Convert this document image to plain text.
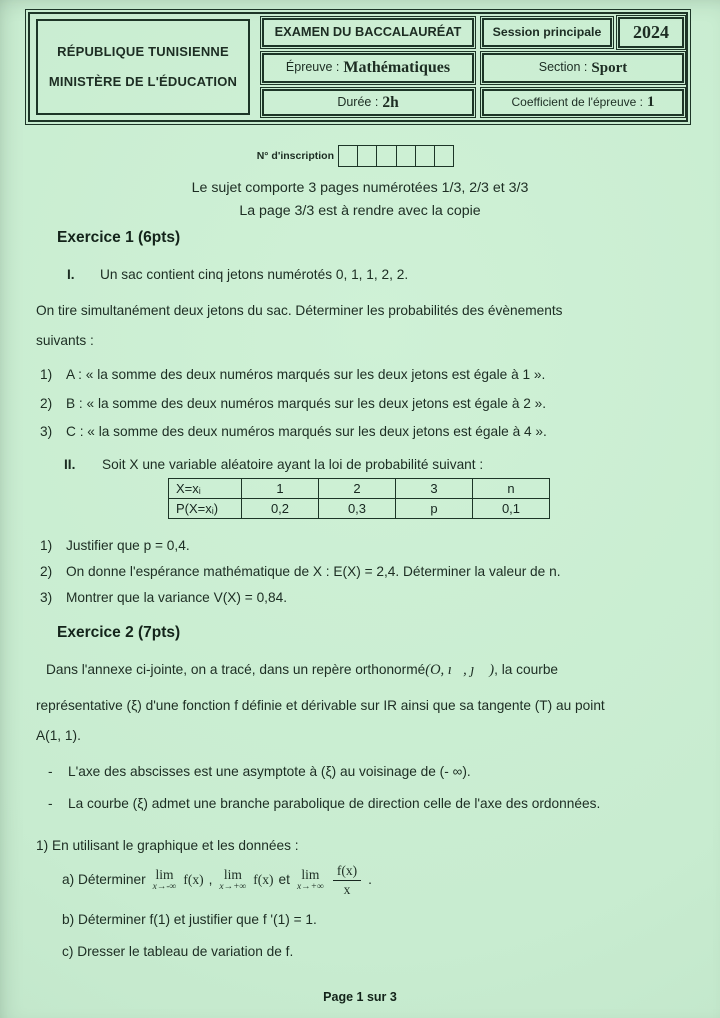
RÉPUBLIQUE TUNISIENNE
MINISTÈRE DE L'ÉDUCATION
EXAMEN DU BACCALAURÉAT	Session principale	2024
Épreuve : Mathématiques	Section : Sport
Durée : 2h	Coefficient de l'épreuve : 1
N° d'inscription
Le sujet comporte 3 pages numérotées 1/3, 2/3 et 3/3
La page 3/3 est à rendre avec la copie
Exercice 1 (6pts)
I. Un sac contient cinq jetons numérotés 0, 1, 1, 2, 2.
On tire simultanément deux jetons du sac. Déterminer les probabilités des évènements
suivants :
1) A : « la somme des deux numéros marqués sur les deux jetons est égale à 1 ».
2) B : « la somme des deux numéros marqués sur les deux jetons est égale à 2 ».
3) C : « la somme des deux numéros marqués sur les deux jetons est égale à 4 ».
II. Soit X une variable aléatoire ayant la loi de probabilité suivant :
X=xᵢ	1	2	3	n
P(X=xᵢ)	0,2	0,3	p	0,1
1) Justifier que p = 0,4.
2) On donne l'espérance mathématique de X : E(X) = 2,4. Déterminer la valeur de n.
3) Montrer que la variance V(X) = 0,84.
Exercice 2 (7pts)
Dans l'annexe ci-jointe, on a tracé, dans un repère orthonormé(O, ı⃗, ȷ⃗ ), la courbe
représentative (ξ) d'une fonction f définie et dérivable sur IR ainsi que sa tangente (T) au point
A(1, 1).
- L'axe des abscisses est une asymptote à (ξ) au voisinage de (- ∞).
- La courbe (ξ) admet une branche parabolique de direction celle de l'axe des ordonnées.
1) En utilisant le graphique et les données :
a) Déterminer lim
x→-∞
f(x) , lim
x→+∞
f(x) et lim
$x\to+\infty \frac{f(x)}{x}$ .
b) Déterminer f(1) et justifier que f '(1) = 1.
c) Dresser le tableau de variation de f.
Page 1 sur 3
